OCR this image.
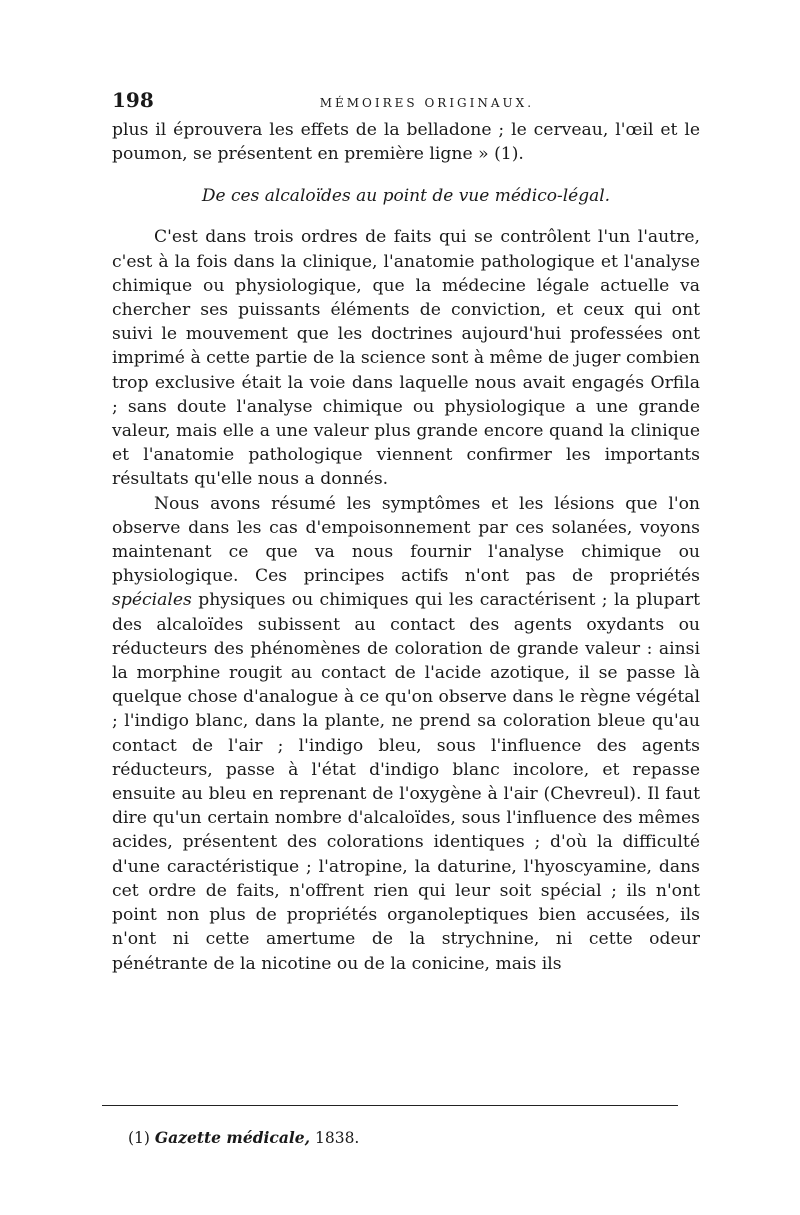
198	MÉMOIRES ORIGINAUX.

plus il éprouvera les effets de la belladone ; le cerveau, l'œil et le poumon, se présentent en première ligne » (1).

De ces alcaloïdes au point de vue médico-légal.

C'est dans trois ordres de faits qui se contrôlent l'un l'autre, c'est à la fois dans la clinique, l'anatomie pathologique et l'analyse chimique ou physiologique, que la médecine légale actuelle va chercher ses puissants éléments de conviction, et ceux qui ont suivi le mouvement que les doctrines aujourd'hui professées ont imprimé à cette partie de la science sont à même de juger combien trop exclusive était la voie dans laquelle nous avait engagés Orfila ; sans doute l'analyse chimique ou physiologique a une grande valeur, mais elle a une valeur plus grande encore quand la clinique et l'anatomie pathologique viennent confirmer les importants résultats qu'elle nous a donnés.

Nous avons résumé les symptômes et les lésions que l'on observe dans les cas d'empoisonnement par ces solanées, voyons maintenant ce que va nous fournir l'analyse chimique ou physiologique. Ces principes actifs n'ont pas de propriétés spéciales physiques ou chimiques qui les caractérisent ; la plupart des alcaloïdes subissent au contact des agents oxydants ou réducteurs des phénomènes de coloration de grande valeur : ainsi la morphine rougit au contact de l'acide azotique, il se passe là quelque chose d'analogue à ce qu'on observe dans le règne végétal ; l'indigo blanc, dans la plante, ne prend sa coloration bleue qu'au contact de l'air ; l'indigo bleu, sous l'influence des agents réducteurs, passe à l'état d'indigo blanc incolore, et repasse ensuite au bleu en reprenant de l'oxygène à l'air (Chevreul). Il faut dire qu'un certain nombre d'alcaloïdes, sous l'influence des mêmes acides, présentent des colorations identiques ; d'où la difficulté d'une caractéristique ; l'atropine, la daturine, l'hyoscyamine, dans cet ordre de faits, n'offrent rien qui leur soit spécial ; ils n'ont point non plus de propriétés organoleptiques bien accusées, ils n'ont ni cette amertume de la strychnine, ni cette odeur pénétrante de la nicotine ou de la conicine, mais ils

(1) Gazette médicale, 1838.
